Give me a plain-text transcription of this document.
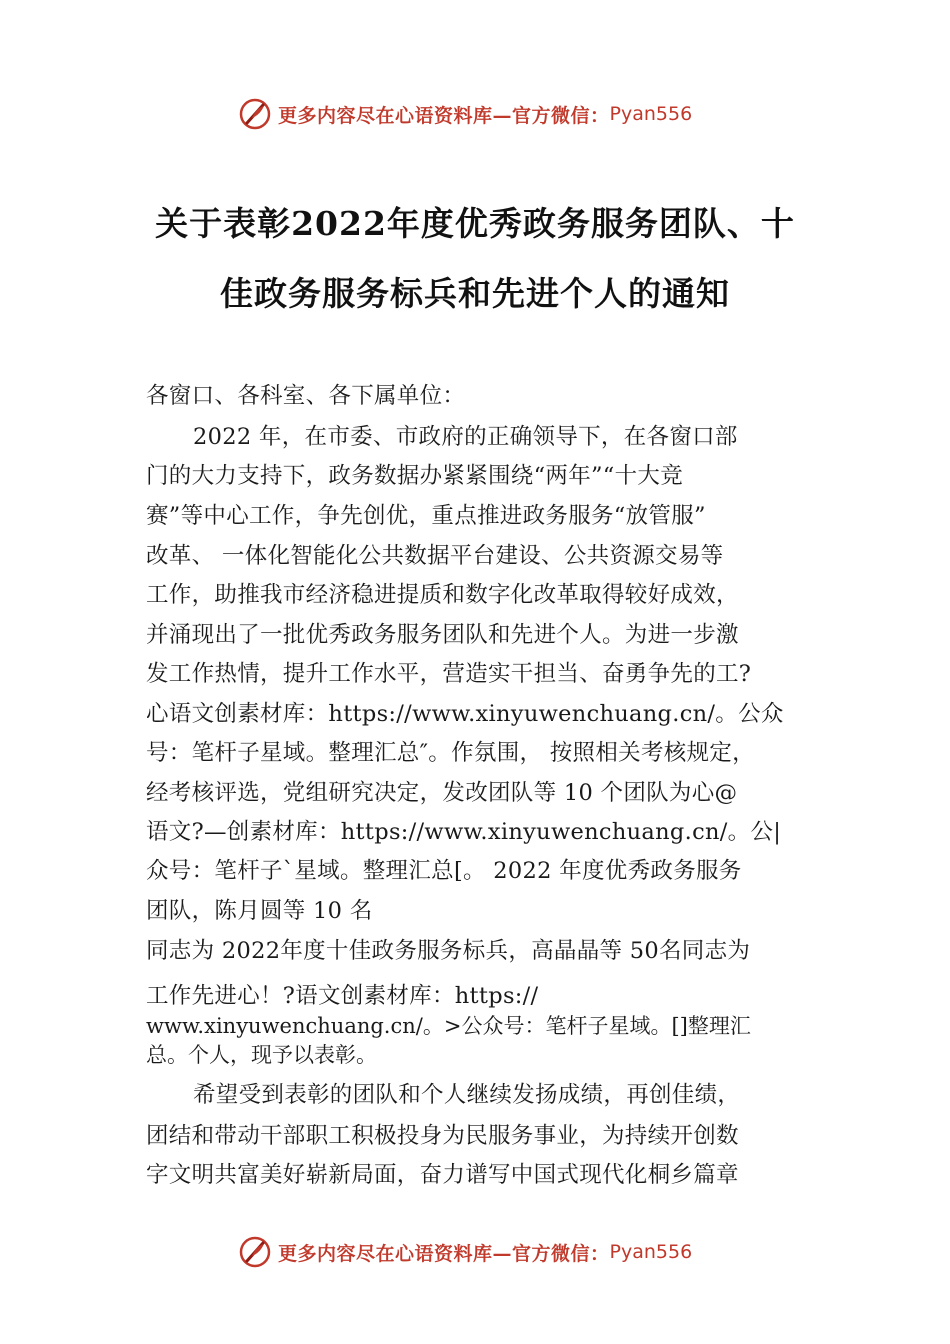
更多内容尽在心语资料库—官方微信： Pyan556
关于表彰2022年度优秀政务服务团队、十
佳政务服务标兵和先进个人的通知
各窗口、各科室、各下属单位：
2022 年，在市委、市政府的正确领导下，在各窗口部
门的大力支持下，政务数据办紧紧围绕“两年”“十大竞
赛”等中心工作，争先创优，重点推进政务服务“放管服”
改革、 一体化智能化公共数据平台建设、公共资源交易等
工作，助推我市经济稳进提质和数字化改革取得较好成效，
并涌现出了一批优秀政务服务团队和先进个人。为进一步激
发工作热情，提升工作水平，营造实干担当、奋勇争先的工?
心语文创素材库：https://www.xinyuwenchuang.cn/。公众
号：笔杆子星域。整理汇总″。作氛围， 按照相关考核规定，
经考核评选，党组研究决定，发改团队等 10 个团队为心@
语文?—创素材库：https://www.xinyuwenchuang.cn/。公|
众号：笔杆子`星域。整理汇总[。 2022 年度优秀政务服务
团队，陈月圆等 10 名
同志为 2022年度十佳政务服务标兵，高晶晶等 50名同志为
工作先进心！?语文创素材库：https://
www.xinyuwenchuang.cn/。>公众号：笔杆子星域。[]整理汇
总。个人，现予以表彰。
希望受到表彰的团队和个人继续发扬成绩，再创佳绩，
团结和带动干部职工积极投身为民服务事业，为持续开创数
字文明共富美好崭新局面，奋力谱写中国式现代化桐乡篇章
更多内容尽在心语资料库—官方微信： Pyan556
